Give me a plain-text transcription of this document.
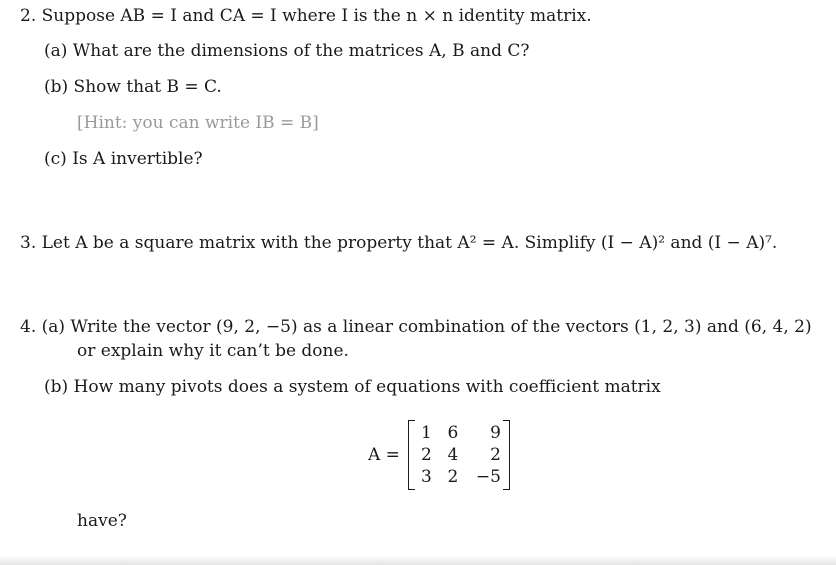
2. Suppose AB = I and CA = I where I is the n × n identity matrix.
(a) What are the dimensions of the matrices A, B and C?
(b) Show that B = C.
[Hint: you can write IB = B]
(c) Is A invertible?
3. Let A be a square matrix with the property that A² = A. Simplify (I − A)² and (I − A)⁷.
4. (a) Write the vector (9, 2, −5) as a linear combination of the vectors (1, 2, 3) and (6, 4, 2)
or explain why it can’t be done.
(b) How many pivots does a system of equations with coefficient matrix
A =
1 6	9
2 4	2
3 2	−5
have?
